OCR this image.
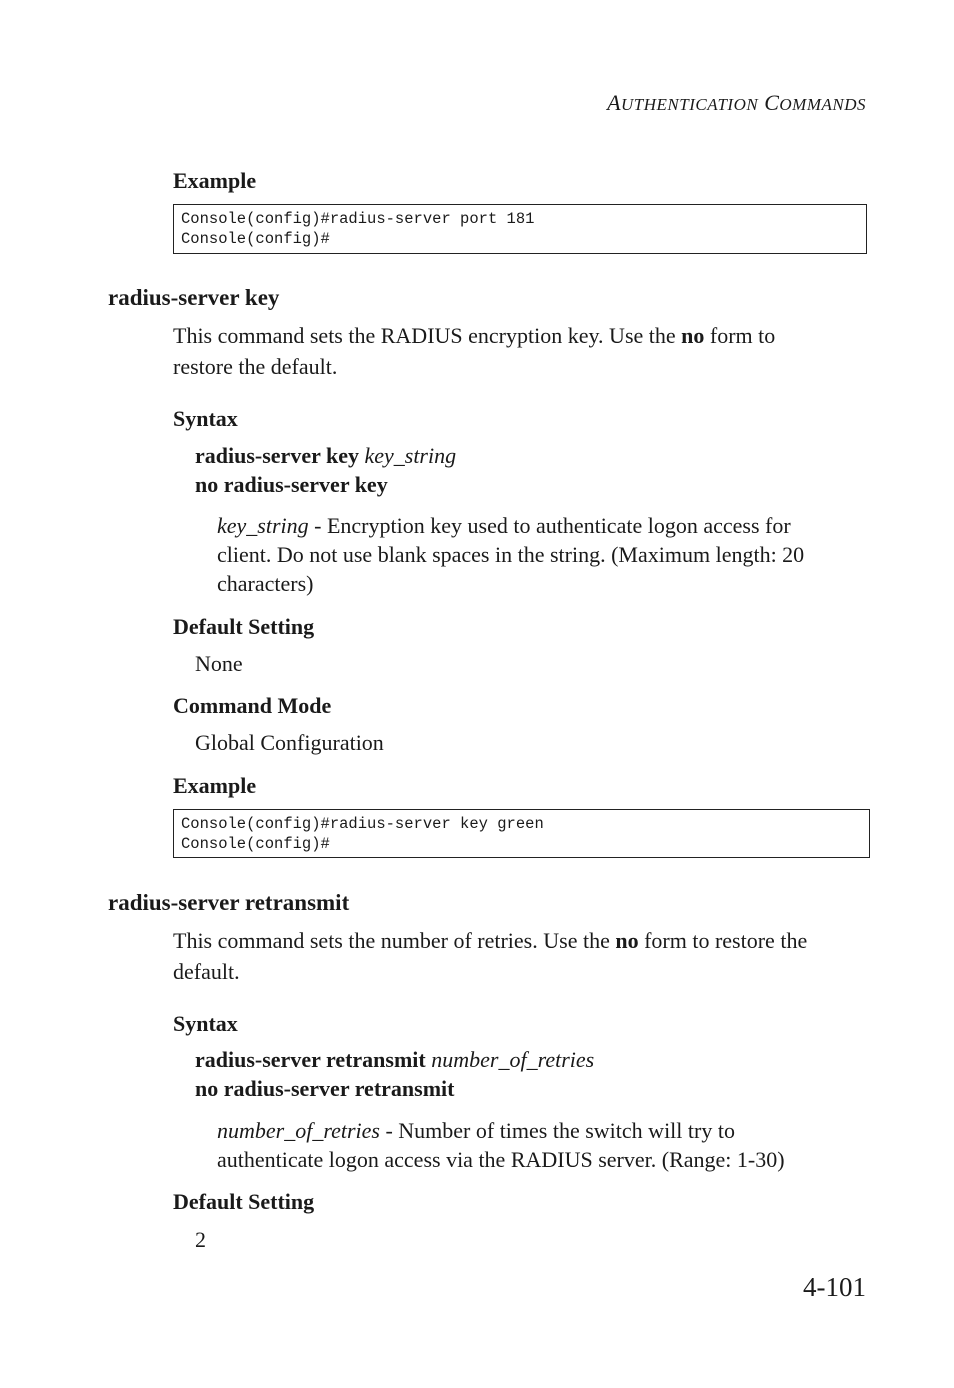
AUTHENTICATION COMMANDS
Example
Console(config)#radius-server port 181
Console(config)#
radius-server key
This command sets the RADIUS encryption key. Use the no form to
restore the default.
Syntax
radius-server key key_string
no radius-server key
key_string - Encryption key used to authenticate logon access for
client. Do not use blank spaces in the string. (Maximum length: 20
characters)
Default Setting
None
Command Mode
Global Configuration
Example
Console(config)#radius-server key green
Console(config)#
radius-server retransmit
This command sets the number of retries. Use the no form to restore the
default.
Syntax
radius-server retransmit number_of_retries
no radius-server retransmit
number_of_retries - Number of times the switch will try to
authenticate logon access via the RADIUS server. (Range: 1-30)
Default Setting
2
4-101
